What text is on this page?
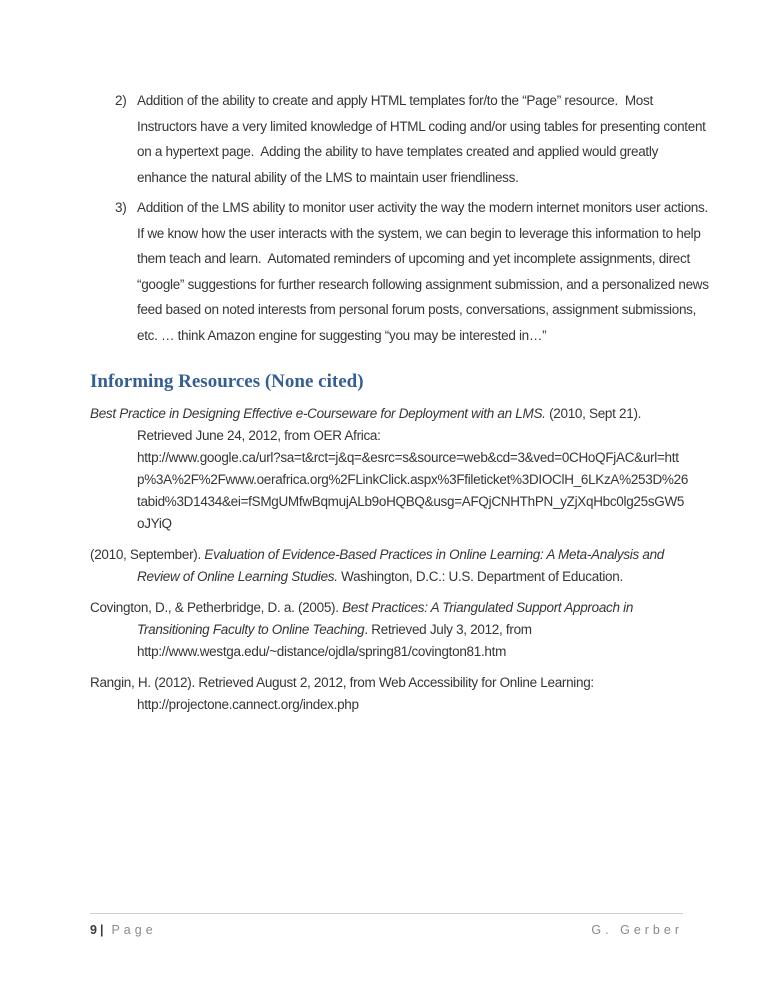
2) Addition of the ability to create and apply HTML templates for/to the “Page” resource.  Most Instructors have a very limited knowledge of HTML coding and/or using tables for presenting content on a hypertext page.  Adding the ability to have templates created and applied would greatly enhance the natural ability of the LMS to maintain user friendliness.
3) Addition of the LMS ability to monitor user activity the way the modern internet monitors user actions.  If we know how the user interacts with the system, we can begin to leverage this information to help them teach and learn.  Automated reminders of upcoming and yet incomplete assignments, direct “google” suggestions for further research following assignment submission, and a personalized news feed based on noted interests from personal forum posts, conversations, assignment submissions, etc. … think Amazon engine for suggesting “you may be interested in…”
Informing Resources (None cited)

Best Practice in Designing Effective e-Courseware for Deployment with an LMS. (2010, Sept 21).

Retrieved June 24, 2012, from OER Africa:

http://www.google.ca/url?sa=t&rct=j&q=&esrc=s&source=web&cd=3&ved=0CHoQFjAC&url=http%3A%2F%2Fwww.oerafrica.org%2FLinkClick.aspx%3Ffileticket%3DIOClH_6LKzA%253D%26tabid%3D1434&ei=fSMgUMfwBqmujALb9oHQBQ&usg=AFQjCNHThPN_yZjXqHbc0lg25sGW5oJYiQ

(2010, September). Evaluation of Evidence-Based Practices in Online Learning: A Meta-Analysis and Review of Online Learning Studies. Washington, D.C.: U.S. Department of Education.

Covington, D., & Petherbridge, D. a. (2005). Best Practices: A Triangulated Support Approach in Transitioning Faculty to Online Teaching. Retrieved July 3, 2012, from

http://www.westga.edu/~distance/ojdla/spring81/covington81.htm

Rangin, H. (2012). Retrieved August 2, 2012, from Web Accessibility for Online Learning:

http://projectone.cannect.org/index.php

9| Page	G. Gerber
